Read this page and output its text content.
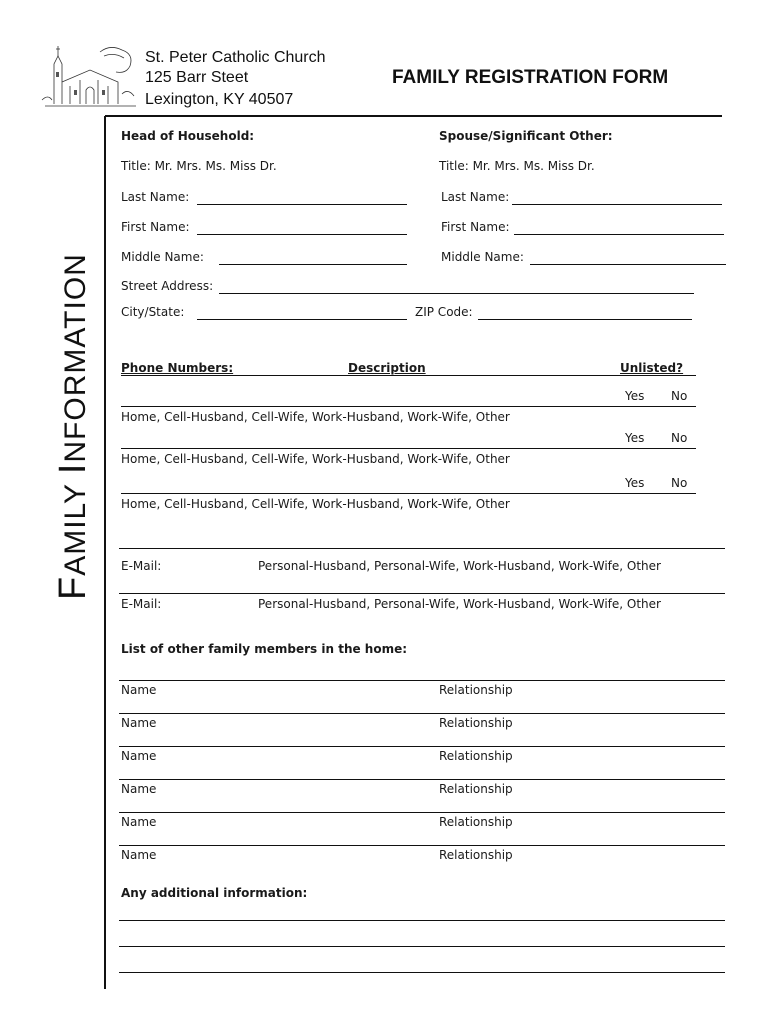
St. Peter Catholic Church
125 Barr Steet
Lexington, KY 40507
FAMILY REGISTRATION FORM
FAMILY INFORMATION
Head of Household:
Title: Mr. Mrs. Ms. Miss Dr.
Last Name:
First Name:
Middle Name:
Spouse/Significant Other:
Title: Mr. Mrs. Ms. Miss Dr.
Last Name:
First Name:
Middle Name:
Street Address:
City/State:	ZIP Code:
Phone Numbers:	Description	Unlisted?
Yes No
Home, Cell-Husband, Cell-Wife, Work-Husband, Work-Wife, Other
Yes No
Home, Cell-Husband, Cell-Wife, Work-Husband, Work-Wife, Other
Yes No
Home, Cell-Husband, Cell-Wife, Work-Husband, Work-Wife, Other
E-Mail:	Personal-Husband, Personal-Wife, Work-Husband, Work-Wife, Other
E-Mail:	Personal-Husband, Personal-Wife, Work-Husband, Work-Wife, Other
List of other family members in the home:
Name	Relationship
Name	Relationship
Name	Relationship
Name	Relationship
Name	Relationship
Name	Relationship
Any additional information:
